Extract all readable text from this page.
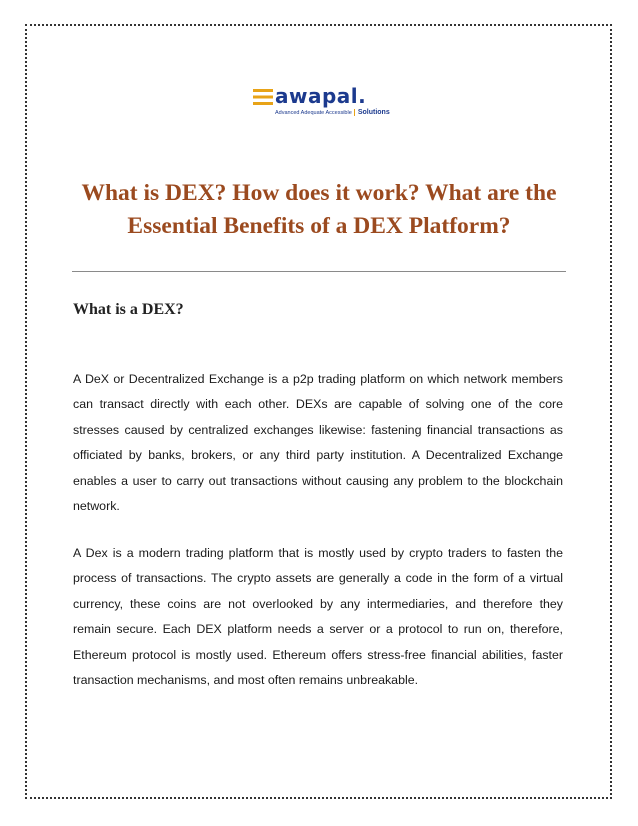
awapal.
Advanced Adequate Accessible Solutions
What is DEX? How does it work? What are the Essential Benefits of a DEX Platform?
What is a DEX?

A DeX or Decentralized Exchange is a p2p trading platform on which network members can transact directly with each other. DEXs are capable of solving one of the core stresses caused by centralized exchanges likewise: fastening financial transactions as officiated by banks, brokers, or any third party institution. A Decentralized Exchange enables a user to carry out transactions without causing any problem to the blockchain network.

A Dex is a modern trading platform that is mostly used by crypto traders to fasten the process of transactions. The crypto assets are generally a code in the form of a virtual currency, these coins are not overlooked by any intermediaries, and therefore they remain secure. Each DEX platform needs a server or a protocol to run on, therefore, Ethereum protocol is mostly used. Ethereum offers stress-free financial abilities, faster transaction mechanisms, and most often remains unbreakable.
